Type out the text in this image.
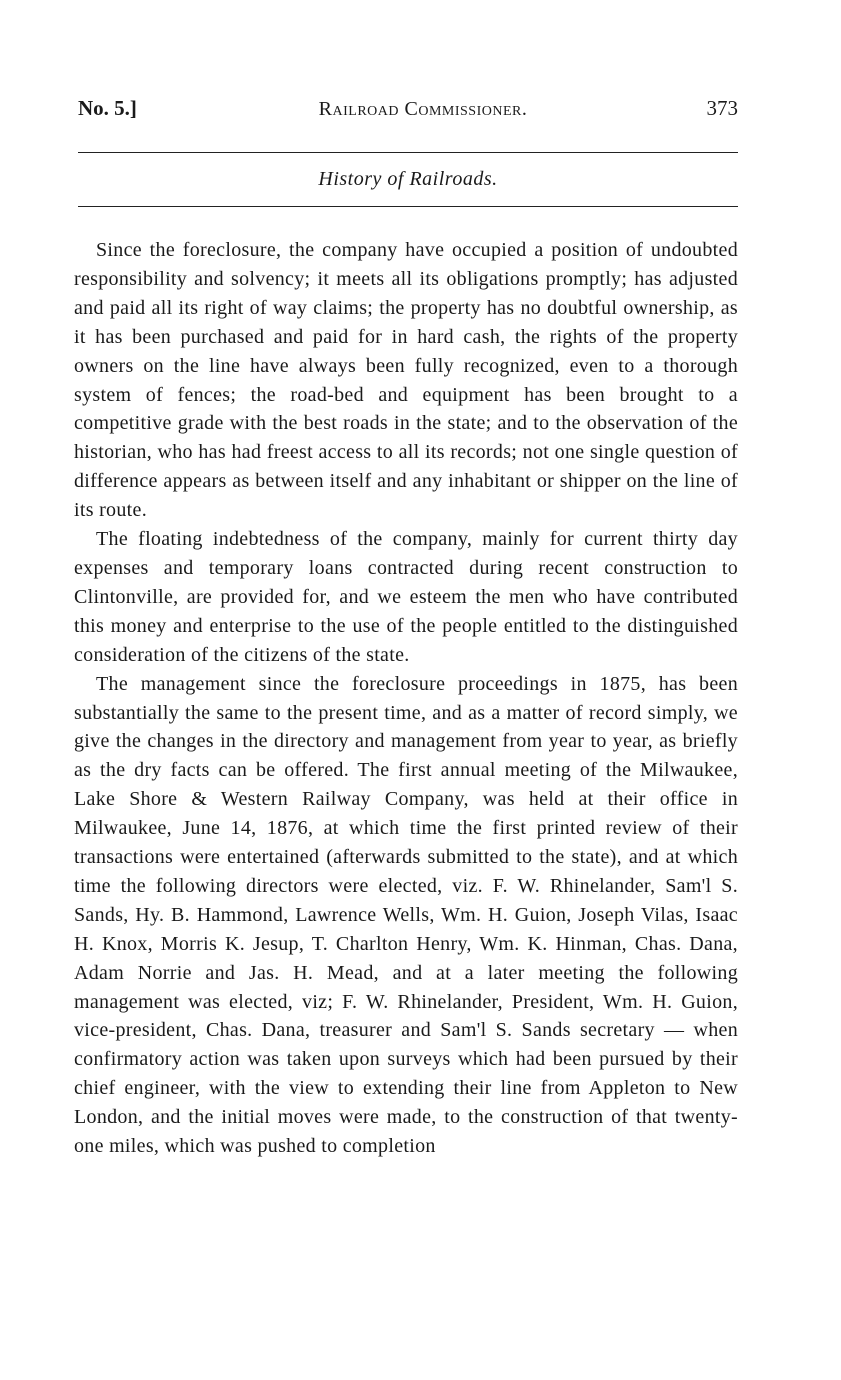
No. 5.]	Railroad Commissioner.	373
History of Railroads.

Since the foreclosure, the company have occupied a position of undoubted responsibility and solvency; it meets all its obligations promptly; has adjusted and paid all its right of way claims; the property has no doubtful ownership, as it has been purchased and paid for in hard cash, the rights of the property owners on the line have always been fully recognized, even to a thorough system of fences; the road-bed and equipment has been brought to a competitive grade with the best roads in the state; and to the observation of the historian, who has had freest access to all its records; not one single question of difference appears as between itself and any inhabitant or shipper on the line of its route.

The floating indebtedness of the company, mainly for current thirty day expenses and temporary loans contracted during recent construction to Clintonville, are provided for, and we esteem the men who have contributed this money and enterprise to the use of the people entitled to the distinguished consideration of the citizens of the state.

The management since the foreclosure proceedings in 1875, has been substantially the same to the present time, and as a matter of record simply, we give the changes in the directory and management from year to year, as briefly as the dry facts can be offered. The first annual meeting of the Milwaukee, Lake Shore & Western Railway Company, was held at their office in Milwaukee, June 14, 1876, at which time the first printed review of their transactions were entertained (afterwards submitted to the state), and at which time the following directors were elected, viz. F. W. Rhinelander, Sam'l S. Sands, Hy. B. Hammond, Lawrence Wells, Wm. H. Guion, Joseph Vilas, Isaac H. Knox, Morris K. Jesup, T. Charlton Henry, Wm. K. Hinman, Chas. Dana, Adam Norrie and Jas. H. Mead, and at a later meeting the following management was elected, viz; F. W. Rhinelander, President, Wm. H. Guion, vice-president, Chas. Dana, treasurer and Sam'l S. Sands secretary — when confirmatory action was taken upon surveys which had been pursued by their chief engineer, with the view to extending their line from Appleton to New London, and the initial moves were made, to the construction of that twenty-one miles, which was pushed to completion
